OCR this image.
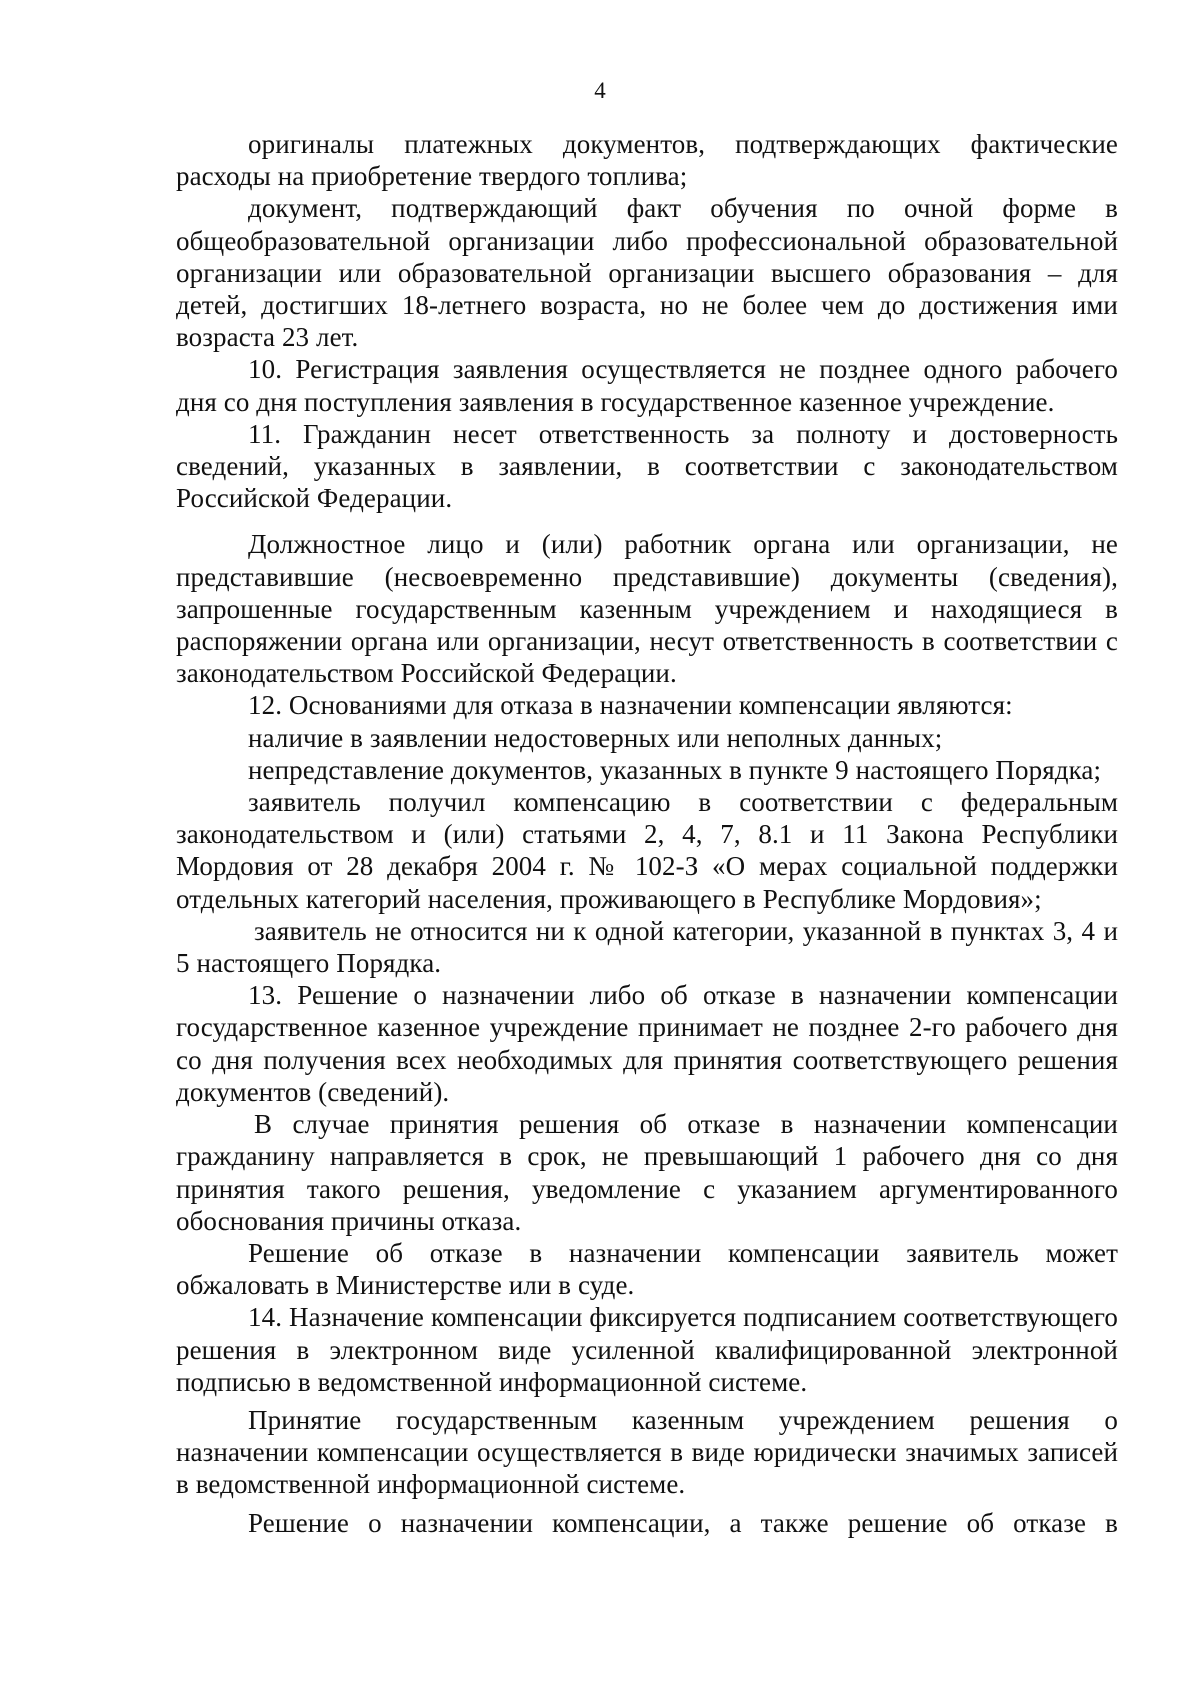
4

оригиналы платежных документов, подтверждающих фактические расходы на приобретение твердого топлива;

документ, подтверждающий факт обучения по очной форме в общеобразовательной организации либо профессиональной образовательной организации или образовательной организации высшего образования – для детей, достигших 18-летнего возраста, но не более чем до достижения ими возраста 23 лет.

10. Регистрация заявления осуществляется не позднее одного рабочего дня со дня поступления заявления в государственное казенное учреждение.

11. Гражданин несет ответственность за полноту и достоверность сведений, указанных в заявлении, в соответствии с законодательством Российской Федерации.

Должностное лицо и (или) работник органа или организации, не представившие (несвоевременно представившие) документы (сведения), запрошенные государственным казенным учреждением и находящиеся в распоряжении органа или организации, несут ответственность в соответствии с законодательством Российской Федерации.

12. Основаниями для отказа в назначении компенсации являются:

наличие в заявлении недостоверных или неполных данных;

непредставление документов, указанных в пункте 9 настоящего Порядка;

заявитель получил компенсацию в соответствии с федеральным законодательством и (или) статьями 2, 4, 7, 8.1 и 11 Закона Республики Мордовия от 28 декабря 2004 г. № 102-З «О мерах социальной поддержки отдельных категорий населения, проживающего в Республике Мордовия»;

заявитель не относится ни к одной категории, указанной в пунктах 3, 4 и 5 настоящего Порядка.

13. Решение о назначении либо об отказе в назначении компенсации государственное казенное учреждение принимает не позднее 2-го рабочего дня со дня получения всех необходимых для принятия соответствующего решения документов (сведений).

В случае принятия решения об отказе в назначении компенсации гражданину направляется в срок, не превышающий 1 рабочего дня со дня принятия такого решения, уведомление с указанием аргументированного обоснования причины отказа.

Решение об отказе в назначении компенсации заявитель может обжаловать в Министерстве или в суде.

14. Назначение компенсации фиксируется подписанием соответствующего решения в электронном виде усиленной квалифицированной электронной подписью в ведомственной информационной системе.

Принятие государственным казенным учреждением решения о назначении компенсации осуществляется в виде юридически значимых записей в ведомственной информационной системе.

Решение о назначении компенсации, а также решение об отказе в
